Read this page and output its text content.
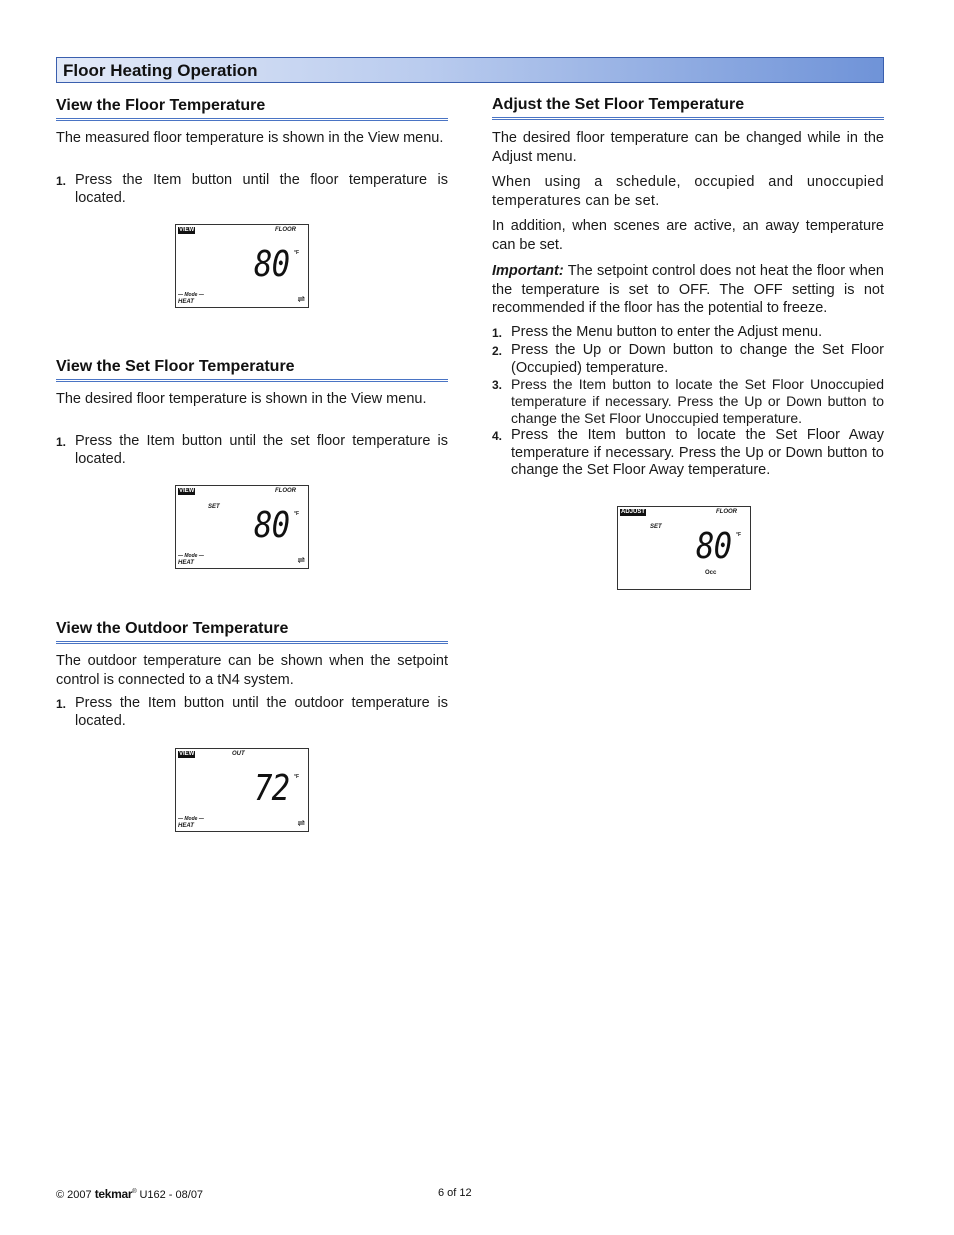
Floor Heating Operation
View the Floor Temperature

The measured floor temperature is shown in the View menu.

1. Press the Item button until the floor temperature is located.
View the Set Floor Temperature

The desired floor temperature is shown in the View menu.

1. Press the Item button until the set floor temperature is located.
View the Outdoor Temperature

The outdoor temperature can be shown when the setpoint control is connected to a tN4 system.

1. Press the Item button until the outdoor temperature is located.
VIEW	FLOOR
80 °F
— Mode —
HEAT	⇌
VIEW	FLOOR
SET 80 °F
— Mode —
HEAT	⇌
VIEW	OUT
72 °F
— Mode —
HEAT	⇌
Adjust the Set Floor Temperature

The desired floor temperature can be changed while in the Adjust menu.

When using a schedule, occupied and unoccupied temperatures can be set.

In addition, when scenes are active, an away temperature can be set.

Important: The setpoint control does not heat the floor when the temperature is set to OFF. The OFF setting is not recommended if the floor has the potential to freeze.

1. Press the Menu button to enter the Adjust menu.
2. Press the Up or Down button to change the Set Floor (Occupied) temperature.
3. Press the Item button to locate the Set Floor Unoccupied temperature if necessary. Press the Up or Down button to change the Set Floor Unoccupied temperature.
4. Press the Item button to locate the Set Floor Away temperature if necessary. Press the Up or Down button to change the Set Floor Away temperature.
ADJUST	FLOOR
SET 80 °F
Occ
© 2007 tekmar® U162 - 08/07	6 of 12
